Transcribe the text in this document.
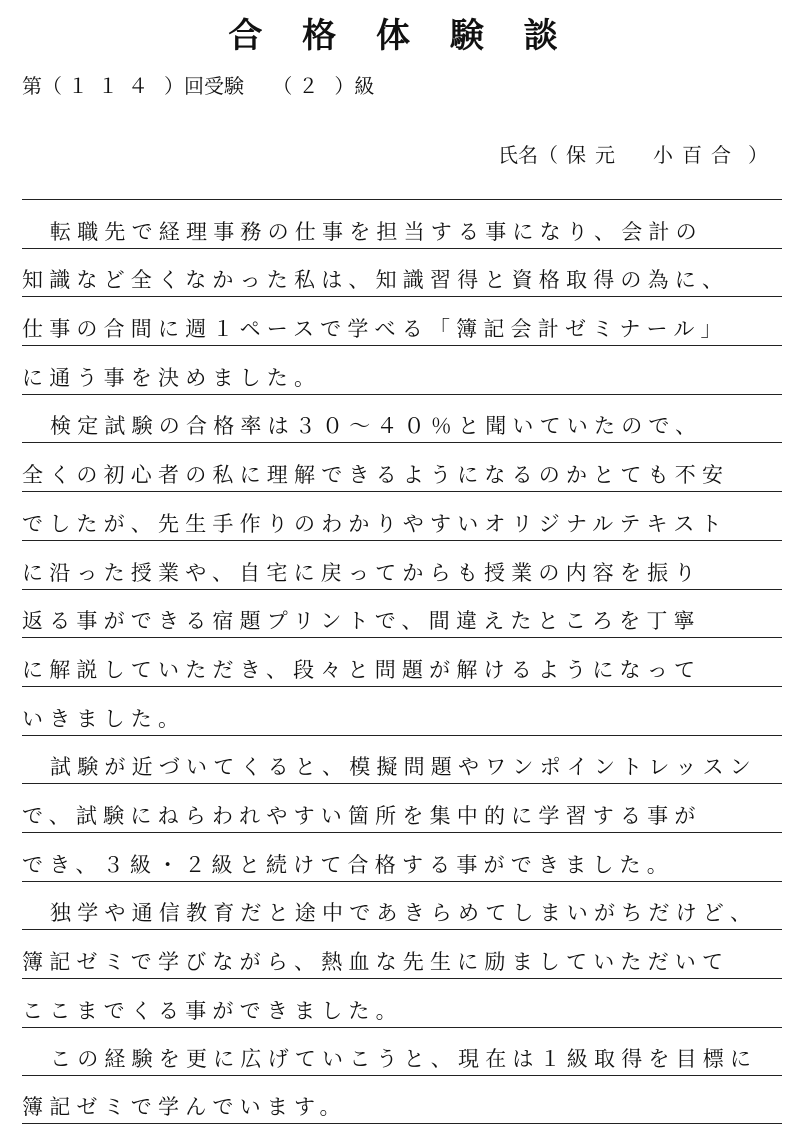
合 格 体 験 談
第（ １１４ ）回受験 （ ２ ）級
氏名（ 保元　小百合 ）
転職先で経理事務の仕事を担当する事になり、会計の
知識など全くなかった私は、知識習得と資格取得の為に、
仕事の合間に週１ペースで学べる「簿記会計ゼミナール」
に通う事を決めました。
検定試験の合格率は３０～４０％と聞いていたので、
全くの初心者の私に理解できるようになるのかとても不安
でしたが、先生手作りのわかりやすいオリジナルテキスト
に沿った授業や、自宅に戻ってからも授業の内容を振り
返る事ができる宿題プリントで、間違えたところを丁寧
に解説していただき、段々と問題が解けるようになって
いきました。
試験が近づいてくると、模擬問題やワンポイントレッスン
で、試験にねらわれやすい箇所を集中的に学習する事が
でき、３級・２級と続けて合格する事ができました。
独学や通信教育だと途中であきらめてしまいがちだけど、
簿記ゼミで学びながら、熱血な先生に励ましていただいて
ここまでくる事ができました。
この経験を更に広げていこうと、現在は１級取得を目標に
簿記ゼミで学んでいます。
